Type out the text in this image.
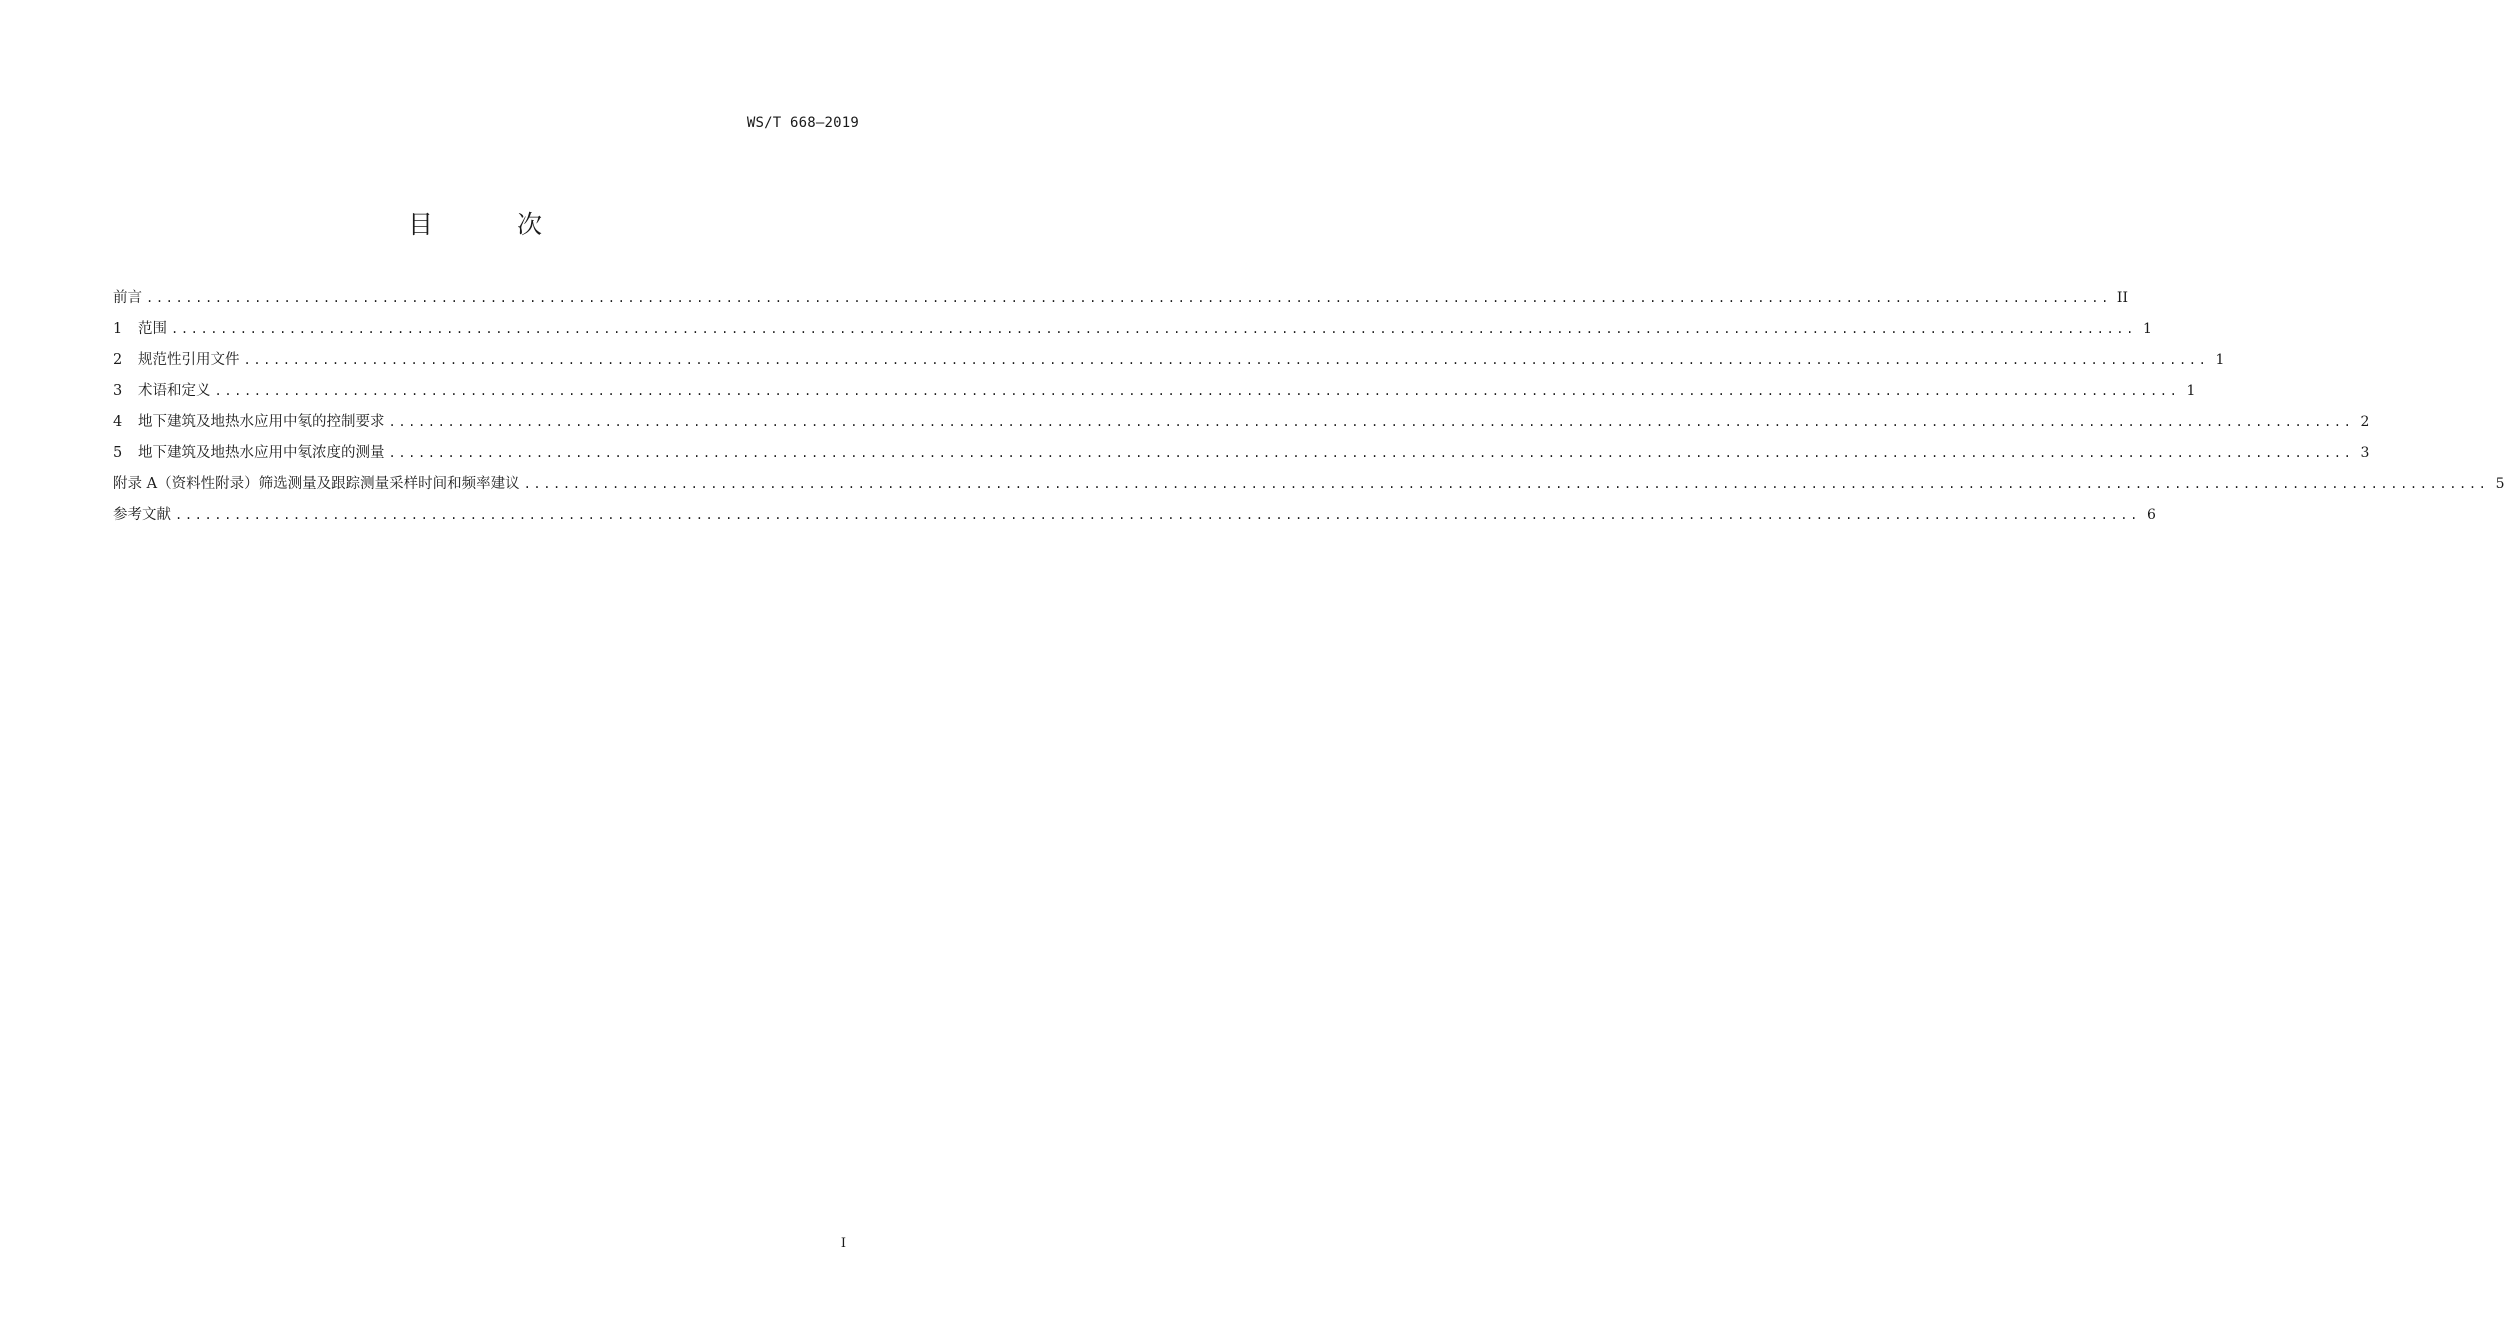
WS/T 668—2019
目 次
前言 ........................................................................................................................................................................................................ II
1	范围 ........................................................................................................................................................................................................ 1
2	规范性引用文件 ........................................................................................................................................................................................................ 1
3	术语和定义 ........................................................................................................................................................................................................ 1
4	地下建筑及地热水应用中氡的控制要求 ........................................................................................................................................................................................................ 2
5	地下建筑及地热水应用中氡浓度的测量 ........................................................................................................................................................................................................ 3
附录 A（资料性附录）筛选测量及跟踪测量采样时间和频率建议 ........................................................................................................................................................................................................ 5
参考文献 ........................................................................................................................................................................................................ 6
I
